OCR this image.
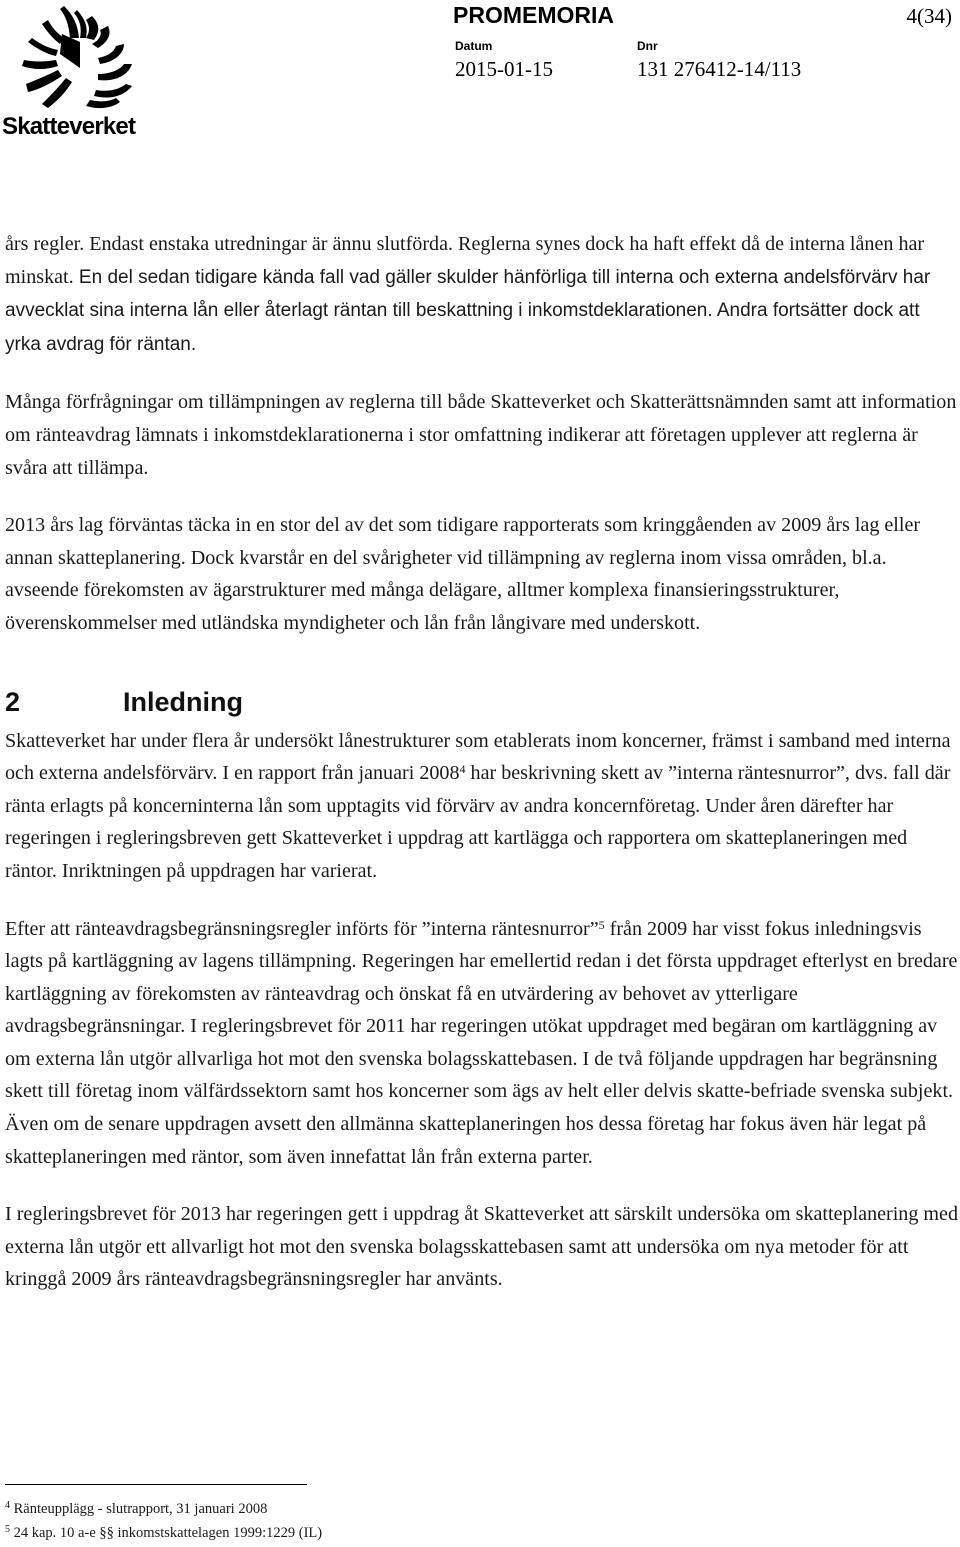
Skatteverket
PROMEMORIA	4(34)
Datum
2015-01-15
Dnr
131 276412-14/113

års regler. Endast enstaka utredningar är ännu slutförda. Reglerna synes dock ha haft effekt då de interna lånen har minskat. En del sedan tidigare kända fall vad gäller skulder hänförliga till interna och externa andelsförvärv har avvecklat sina interna lån eller återlagt räntan till beskattning i inkomstdeklarationen. Andra fortsätter dock att yrka avdrag för räntan.

Många förfrågningar om tillämpningen av reglerna till både Skatteverket och Skatterättsnämnden samt att information om ränteavdrag lämnats i inkomstdeklarationerna i stor omfattning indikerar att företagen upplever att reglerna är svåra att tillämpa.

2013 års lag förväntas täcka in en stor del av det som tidigare rapporterats som kringgåenden av 2009 års lag eller annan skatteplanering. Dock kvarstår en del svårigheter vid tillämpning av reglerna inom vissa områden, bl.a. avseende förekomsten av ägarstrukturer med många delägare, alltmer komplexa finansieringsstrukturer, överenskommelser med utländska myndigheter och lån från långivare med underskott.

2	Inledning

Skatteverket har under flera år undersökt lånestrukturer som etablerats inom koncerner, främst i samband med interna och externa andelsförvärv. I en rapport från januari 2008$^4$ har beskrivning skett av ”interna räntesnurror”, dvs. fall där ränta erlagts på koncerninterna lån som upptagits vid förvärv av andra koncernföretag. Under åren därefter har regeringen i regleringsbreven gett Skatteverket i uppdrag att kartlägga och rapportera om skatteplaneringen med räntor. Inriktningen på uppdragen har varierat.

Efter att ränteavdragsbegränsningsregler införts för ”interna räntesnurror”$^5$ från 2009 har visst fokus inledningsvis lagts på kartläggning av lagens tillämpning. Regeringen har emellertid redan i det första uppdraget efterlyst en bredare kartläggning av förekomsten av ränteavdrag och önskat få en utvärdering av behovet av ytterligare avdragsbegränsningar. I regleringsbrevet för 2011 har regeringen utökat uppdraget med begäran om kartläggning av om externa lån utgör allvarliga hot mot den svenska bolagsskattebasen. I de två följande uppdragen har begränsning skett till företag inom välfärdssektorn samt hos koncerner som ägs av helt eller delvis skatte-befriade svenska subjekt. Även om de senare uppdragen avsett den allmänna skatteplaneringen hos dessa företag har fokus även här legat på skatteplaneringen med räntor, som även innefattat lån från externa parter.

I regleringsbrevet för 2013 har regeringen gett i uppdrag åt Skatteverket att särskilt undersöka om skatteplanering med externa lån utgör ett allvarligt hot mot den svenska bolagsskattebasen samt att undersöka om nya metoder för att kringgå 2009 års ränteavdragsbegränsningsregler har använts.

$^4$ Ränteupplägg - slutrapport, 31 januari 2008
$^5$ 24 kap. 10 a-e §§ inkomstskattelagen 1999:1229 (IL)
